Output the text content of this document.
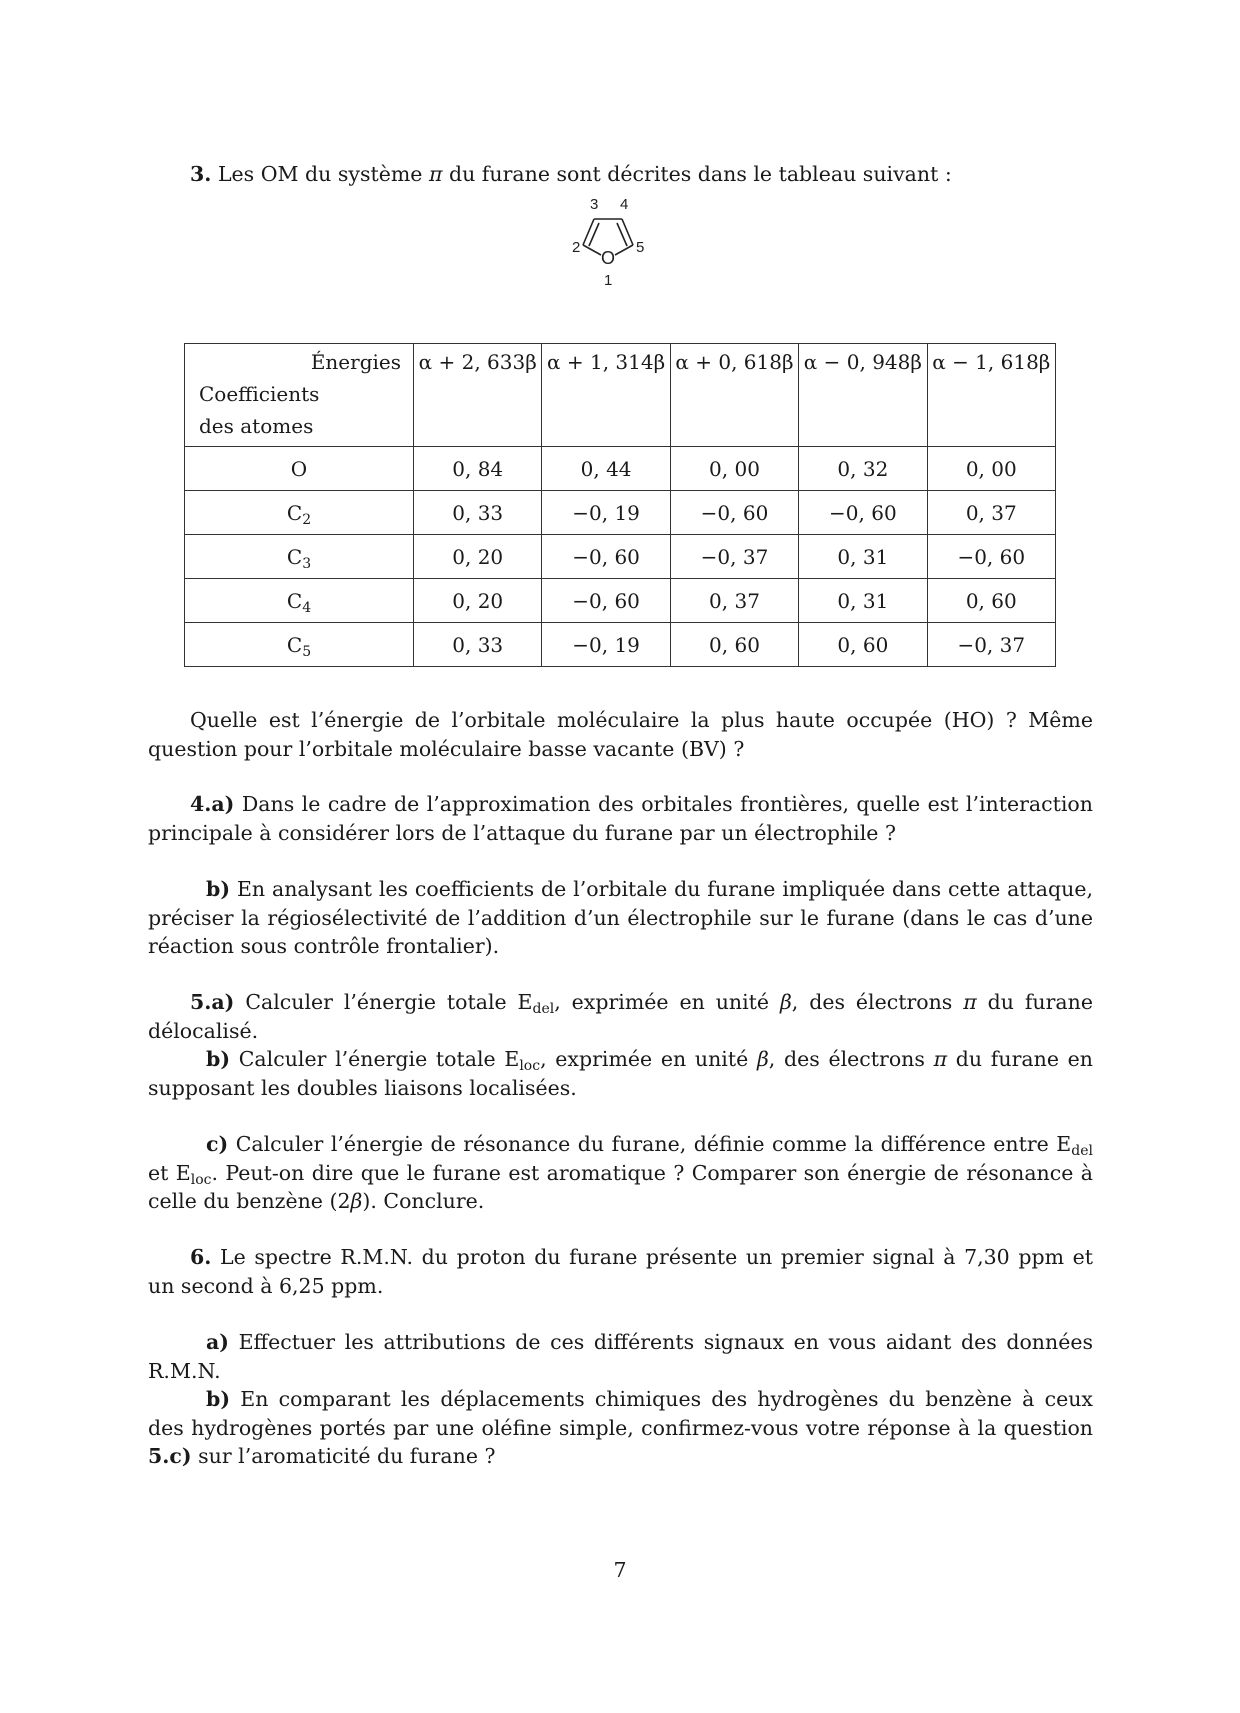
3. Les OM du système π du furane sont décrites dans le tableau suivant :
3 4
2	5
O
1
Énergies
Coefficients
des atomes	α + 2, 633β	α + 1, 314β	α + 0, 618β	α − 0, 948β	α − 1, 618β
O	0, 84	0, 44	0, 00	0, 32	0, 00
$C_2$	0, 33	−0, 19	−0, 60	−0, 60	0, 37
$C_3$	0, 20	−0, 60	−0, 37	0, 31	−0, 60
$C_4$	0, 20	−0, 60	0, 37	0, 31	0, 60
$C_5$	0, 33	−0, 19	0, 60	0, 60	−0, 37
Quelle est l’énergie de l’orbitale moléculaire la plus haute occupée (HO) ? Même question pour l’orbitale moléculaire basse vacante (BV) ?
4.a) Dans le cadre de l’approximation des orbitales frontières, quelle est l’interaction principale à considérer lors de l’attaque du furane par un électrophile ?
b) En analysant les coefficients de l’orbitale du furane impliquée dans cette attaque, préciser la régiosélectivité de l’addition d’un électrophile sur le furane (dans le cas d’une réaction sous contrôle frontalier).
5.a) Calculer l’énergie totale $E_{del}$, exprimée en unité β, des électrons π du furane délocalisé.
b) Calculer l’énergie totale $E_{loc}$, exprimée en unité β, des électrons π du furane en supposant les doubles liaisons localisées.
c) Calculer l’énergie de résonance du furane, définie comme la différence entre $E_{del}$ et $E_{loc}$. Peut-on dire que le furane est aromatique ? Comparer son énergie de résonance à celle du benzène (2β). Conclure.
6. Le spectre R.M.N. du proton du furane présente un premier signal à 7,30 ppm et un second à 6,25 ppm.
a) Effectuer les attributions de ces différents signaux en vous aidant des données R.M.N.
b) En comparant les déplacements chimiques des hydrogènes du benzène à ceux des hydrogènes portés par une oléfine simple, confirmez-vous votre réponse à la question 5.c) sur l’aromaticité du furane ?
7
